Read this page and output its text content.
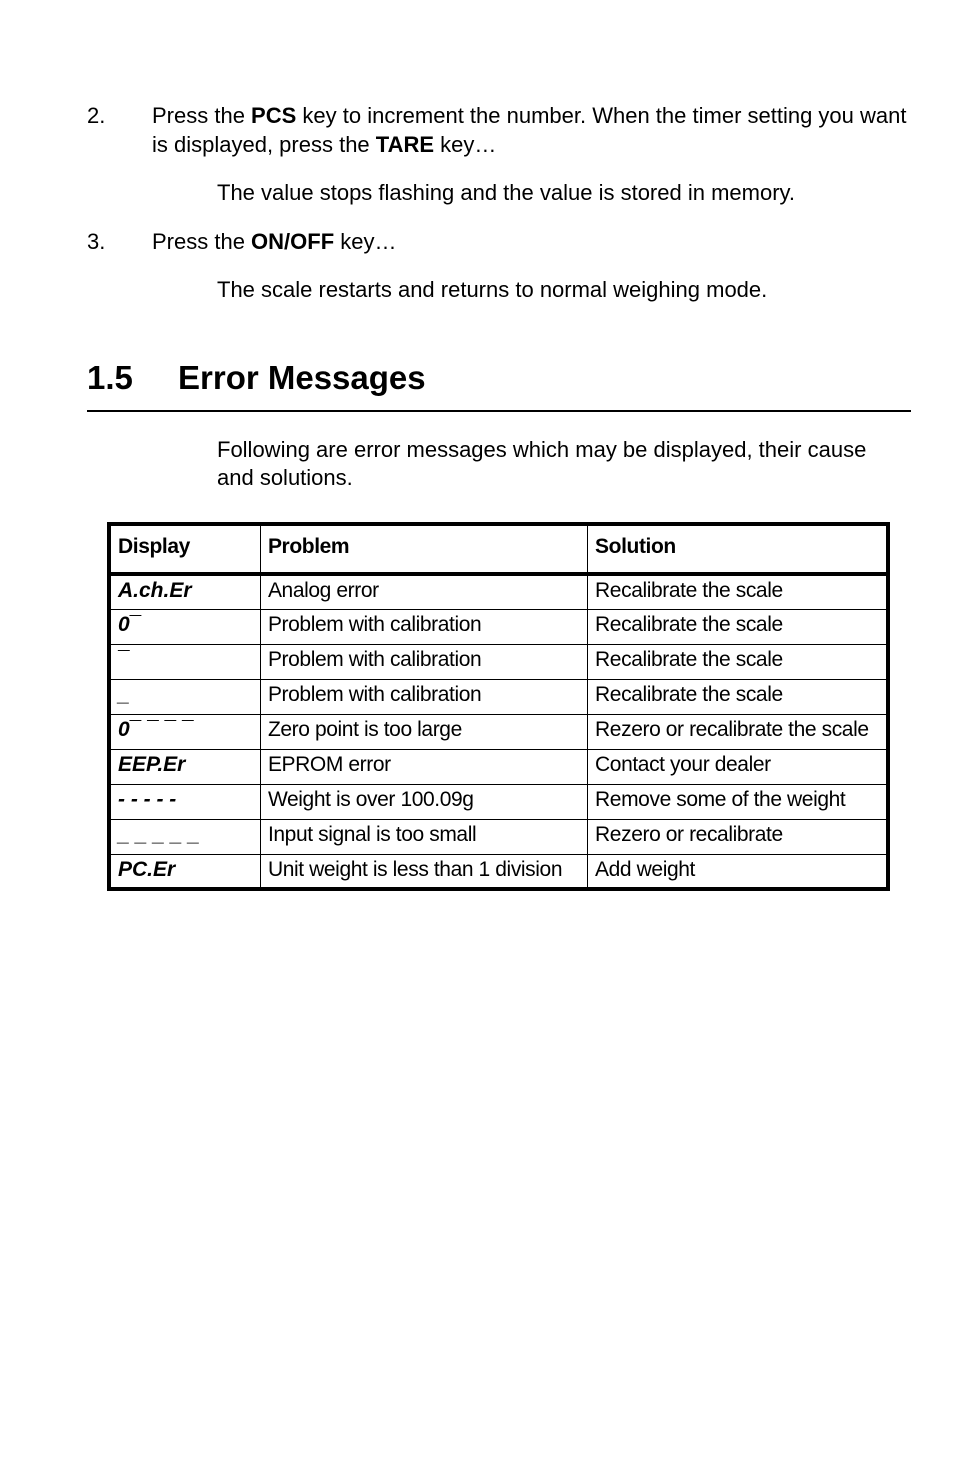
2. Press the PCS key to increment the number. When the timer setting you want is displayed, press the TARE key…
The value stops flashing and the value is stored in memory.
3. Press the ON/OFF key…
The scale restarts and returns to normal weighing mode.
1.5 Error Messages
Following are error messages which may be displayed, their cause and solutions.
Display	Problem	Solution
A.ch.Er	Analog error	Recalibrate the scale
0¯	Problem with calibration	Recalibrate the scale
¯	Problem with calibration	Recalibrate the scale
_	Problem with calibration	Recalibrate the scale
0¯ ¯ ¯ ¯	Zero point is too large	Rezero or recalibrate the scale
EEP.Er	EPROM error	Contact your dealer
- - - - -	Weight is over 100.09g	Remove some of the weight
_ _ _ _ _	Input signal is too small	Rezero or recalibrate
PC.Er	Unit weight is less than 1 division	Add weight
